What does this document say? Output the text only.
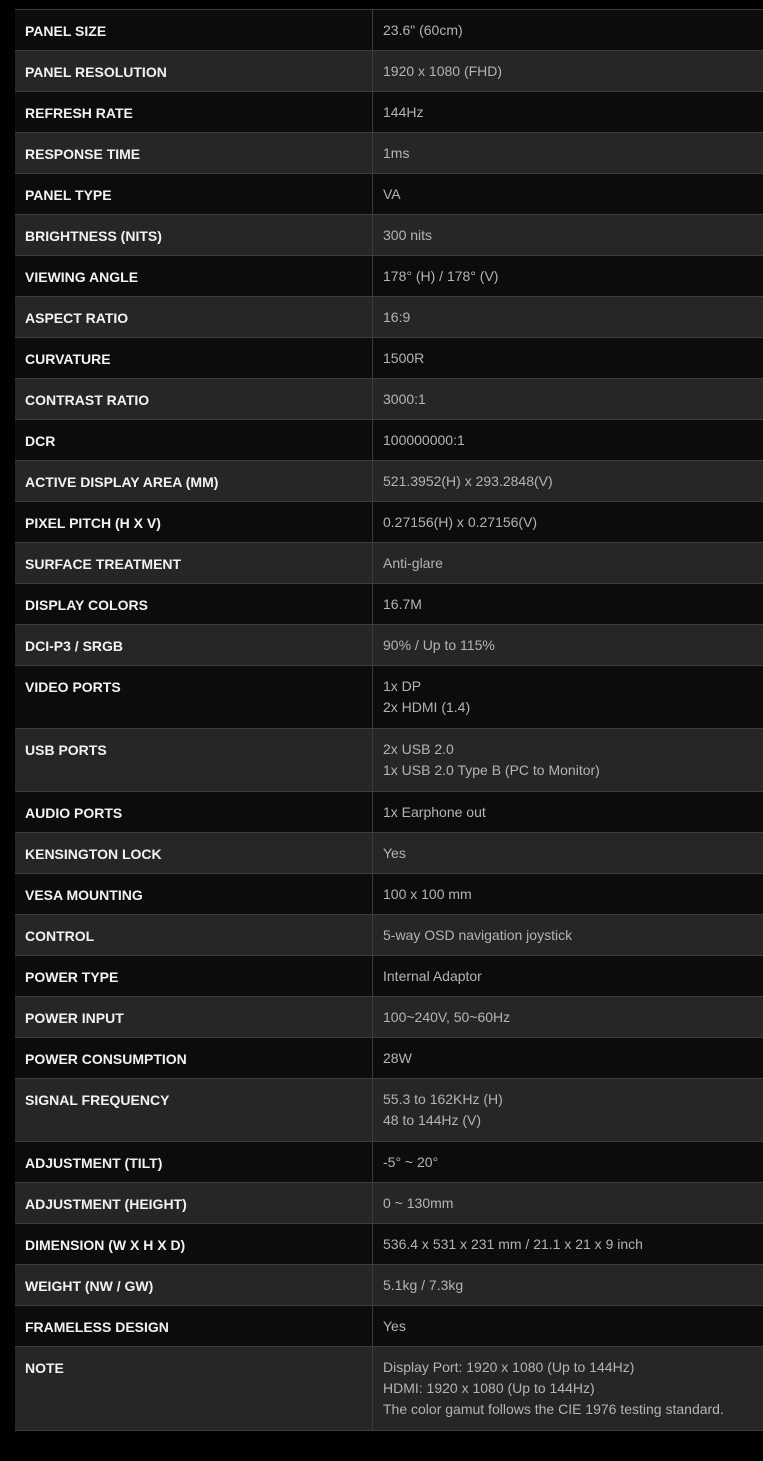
PANEL SIZE	23.6" (60cm)
PANEL RESOLUTION	1920 x 1080 (FHD)
REFRESH RATE	144Hz
RESPONSE TIME	1ms
PANEL TYPE	VA
BRIGHTNESS (NITS)	300 nits
VIEWING ANGLE	178° (H) / 178° (V)
ASPECT RATIO	16:9
CURVATURE	1500R
CONTRAST RATIO	3000:1
DCR	100000000:1
ACTIVE DISPLAY AREA (MM)	521.3952(H) x 293.2848(V)
PIXEL PITCH (H X V)	0.27156(H) x 0.27156(V)
SURFACE TREATMENT	Anti-glare
DISPLAY COLORS	16.7M
DCI-P3 / SRGB	90% / Up to 115%
VIDEO PORTS	1x DP
2x HDMI (1.4)
USB PORTS	2x USB 2.0
1x USB 2.0 Type B (PC to Monitor)
AUDIO PORTS	1x Earphone out
KENSINGTON LOCK	Yes
VESA MOUNTING	100 x 100 mm
CONTROL	5-way OSD navigation joystick
POWER TYPE	Internal Adaptor
POWER INPUT	100~240V, 50~60Hz
POWER CONSUMPTION	28W
SIGNAL FREQUENCY	55.3 to 162KHz (H)
48 to 144Hz (V)
ADJUSTMENT (TILT)	-5° ~ 20°
ADJUSTMENT (HEIGHT)	0 ~ 130mm
DIMENSION (W X H X D)	536.4 x 531 x 231 mm / 21.1 x 21 x 9 inch
WEIGHT (NW / GW)	5.1kg / 7.3kg
FRAMELESS DESIGN	Yes
NOTE	Display Port: 1920 x 1080 (Up to 144Hz)
HDMI: 1920 x 1080 (Up to 144Hz)
The color gamut follows the CIE 1976 testing standard.
